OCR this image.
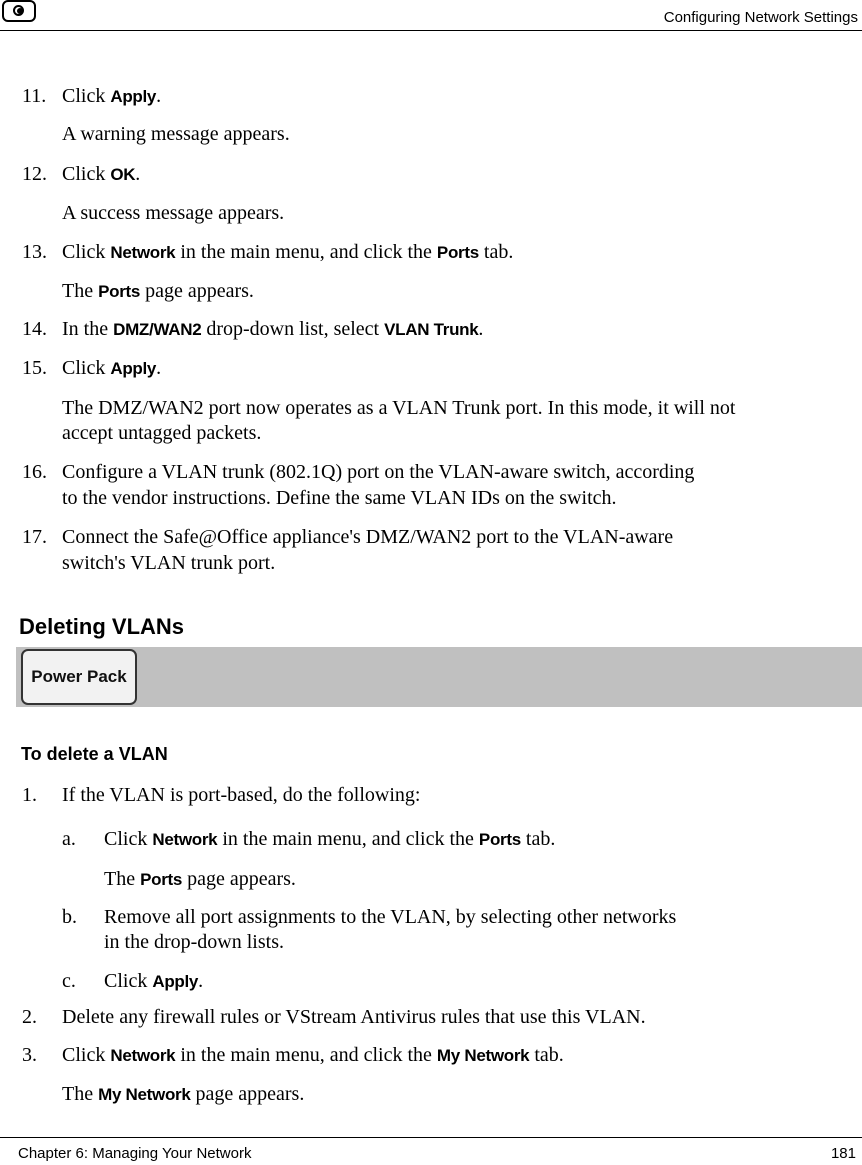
Configuring Network Settings
11. Click Apply.
A warning message appears.
12. Click OK.
A success message appears.
13. Click Network in the main menu, and click the Ports tab.
The Ports page appears.
14. In the DMZ/WAN2 drop-down list, select VLAN Trunk.
15. Click Apply.
The DMZ/WAN2 port now operates as a VLAN Trunk port. In this mode, it will not
accept untagged packets.
16. Configure a VLAN trunk (802.1Q) port on the VLAN-aware switch, according
to the vendor instructions. Define the same VLAN IDs on the switch.
17. Connect the Safe@Office appliance's DMZ/WAN2 port to the VLAN-aware
switch's VLAN trunk port.
Deleting VLANs
Power Pack
To delete a VLAN
1. If the VLAN is port-based, do the following:
a. Click Network in the main menu, and click the Ports tab.
The Ports page appears.
b. Remove all port assignments to the VLAN, by selecting other networks
in the drop-down lists.
c. Click Apply.
2. Delete any firewall rules or VStream Antivirus rules that use this VLAN.
3. Click Network in the main menu, and click the My Network tab.
The My Network page appears.
Chapter 6: Managing Your Network	181
